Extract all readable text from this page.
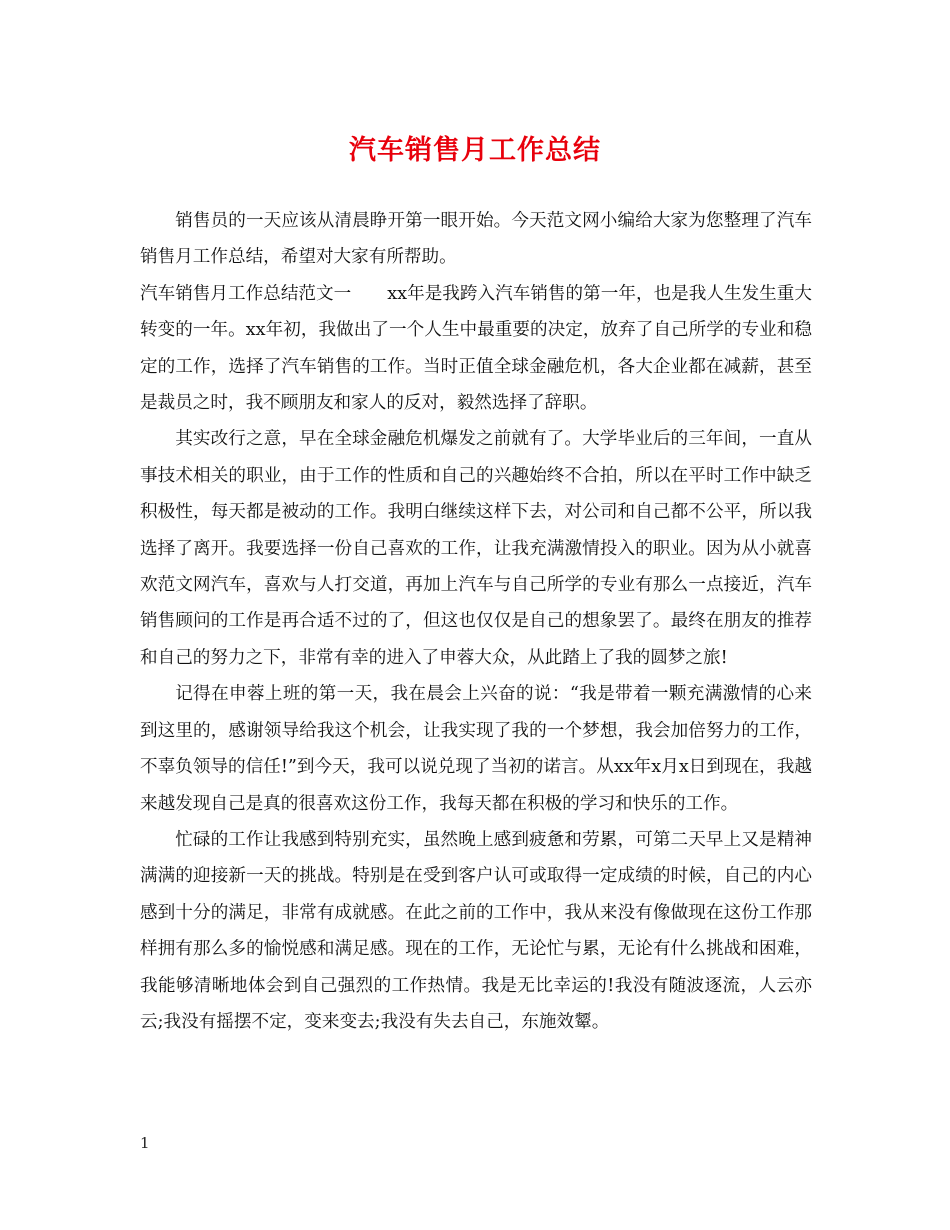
汽车销售月工作总结

销售员的一天应该从清晨睁开第一眼开始。今天范文网小编给大家为您整理了汽车销售月工作总结，希望对大家有所帮助。

汽车销售月工作总结范文一 xx年是我跨入汽车销售的第一年，也是我人生发生重大转变的一年。xx年初，我做出了一个人生中最重要的决定，放弃了自己所学的专业和稳定的工作，选择了汽车销售的工作。当时正值全球金融危机，各大企业都在减薪，甚至是裁员之时，我不顾朋友和家人的反对，毅然选择了辞职。

其实改行之意，早在全球金融危机爆发之前就有了。大学毕业后的三年间，一直从事技术相关的职业，由于工作的性质和自己的兴趣始终不合拍，所以在平时工作中缺乏积极性，每天都是被动的工作。我明白继续这样下去，对公司和自己都不公平，所以我选择了离开。我要选择一份自己喜欢的工作，让我充满激情投入的职业。因为从小就喜欢范文网汽车，喜欢与人打交道，再加上汽车与自己所学的专业有那么一点接近，汽车销售顾问的工作是再合适不过的了，但这也仅仅是自己的想象罢了。最终在朋友的推荐和自己的努力之下，非常有幸的进入了申蓉大众，从此踏上了我的圆梦之旅!

记得在申蓉上班的第一天，我在晨会上兴奋的说：“我是带着一颗充满激情的心来到这里的，感谢领导给我这个机会，让我实现了我的一个梦想，我会加倍努力的工作，不辜负领导的信任!”到今天，我可以说兑现了当初的诺言。从xx年x月x日到现在，我越来越发现自己是真的很喜欢这份工作，我每天都在积极的学习和快乐的工作。

忙碌的工作让我感到特别充实，虽然晚上感到疲惫和劳累，可第二天早上又是精神满满的迎接新一天的挑战。特别是在受到客户认可或取得一定成绩的时候，自己的内心感到十分的满足，非常有成就感。在此之前的工作中，我从来没有像做现在这份工作那样拥有那么多的愉悦感和满足感。现在的工作，无论忙与累，无论有什么挑战和困难，我能够清晰地体会到自己强烈的工作热情。我是无比幸运的!我没有随波逐流，人云亦云;我没有摇摆不定，变来变去;我没有失去自己，东施效颦。

1
